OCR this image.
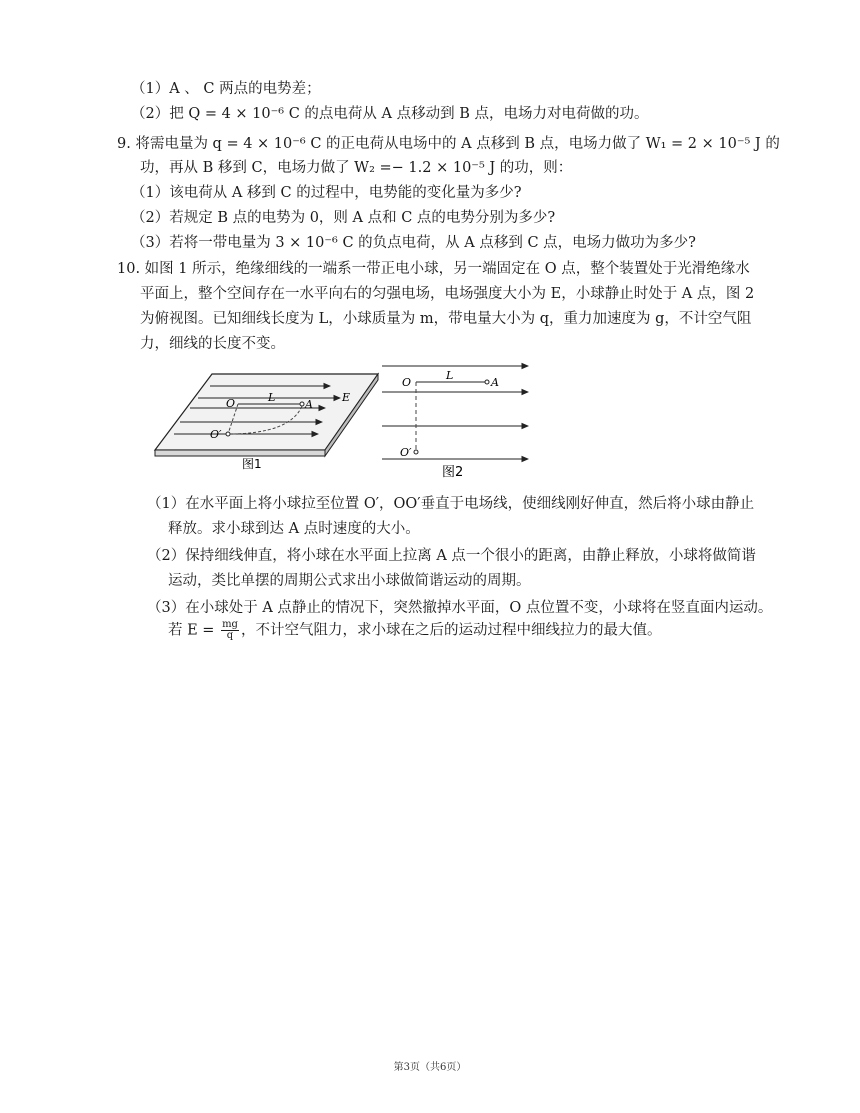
（1）A 、 C 两点的电势差；
（2）把 Q = 4 × 10⁻⁶ C 的点电荷从 A 点移动到 B 点，电场力对电荷做的功。
9. 将需电量为 q = 4 × 10⁻⁶ C 的正电荷从电场中的 A 点移到 B 点，电场力做了 W₁ = 2 × 10⁻⁵ J 的
功，再从 B 移到 C，电场力做了 W₂ =− 1.2 × 10⁻⁵ J 的功，则：
（1）该电荷从 A 移到 C 的过程中，电势能的变化量为多少?
（2）若规定 B 点的电势为 0，则 A 点和 C 点的电势分别为多少?
（3）若将一带电量为 3 × 10⁻⁶ C 的负点电荷，从 A 点移到 C 点，电场力做功为多少?
10. 如图 1 所示，绝缘细线的一端系一带正电小球，另一端固定在 O 点，整个装置处于光滑绝缘水
平面上，整个空间存在一水平向右的匀强电场，电场强度大小为 E，小球静止时处于 A 点，图 2
为俯视图。已知细线长度为 L，小球质量为 m，带电量大小为 q，重力加速度为 g，不计空气阻
力，细线的长度不变。
O	L
A
E
O′
图1
O
L
A
O′
图2
（1）在水平面上将小球拉至位置 O′，OO′垂直于电场线，使细线刚好伸直，然后将小球由静止
释放。求小球到达 A 点时速度的大小。
（2）保持细线伸直，将小球在水平面上拉离 A 点一个很小的距离，由静止释放，小球将做简谐
运动，类比单摆的周期公式求出小球做简谐运动的周期。
（3）在小球处于 A 点静止的情况下，突然撤掉水平面，O 点位置不变，小球将在竖直面内运动。
若 $E = \frac{mg}{q}$ ，不计空气阻力，求小球在之后的运动过程中细线拉力的最大值。
第3页（共6页）
